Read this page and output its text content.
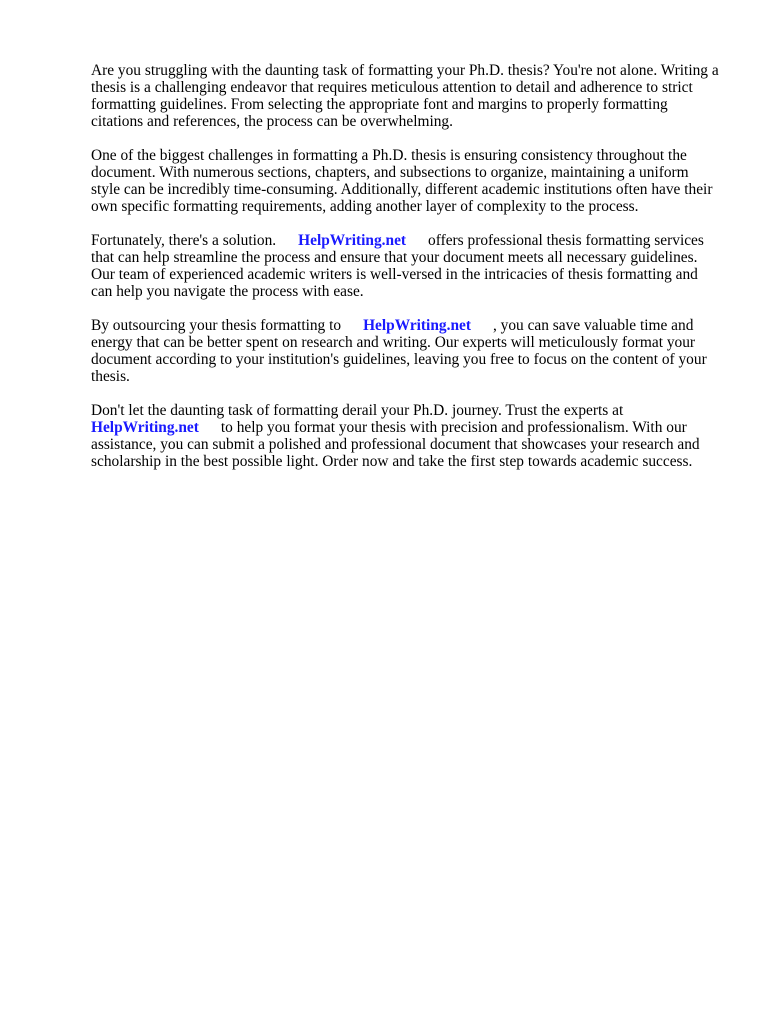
Are you struggling with the daunting task of formatting your Ph.D. thesis? You're not alone. Writing a thesis is a challenging endeavor that requires meticulous attention to detail and adherence to strict formatting guidelines. From selecting the appropriate font and margins to properly formatting citations and references, the process can be overwhelming.

One of the biggest challenges in formatting a Ph.D. thesis is ensuring consistency throughout the document. With numerous sections, chapters, and subsections to organize, maintaining a uniform style can be incredibly time-consuming. Additionally, different academic institutions often have their own specific formatting requirements, adding another layer of complexity to the process.

Fortunately, there's a solution. HelpWriting.net offers professional thesis formatting services that can help streamline the process and ensure that your document meets all necessary guidelines. Our team of experienced academic writers is well-versed in the intricacies of thesis formatting and can help you navigate the process with ease.

By outsourcing your thesis formatting to HelpWriting.net , you can save valuable time and energy that can be better spent on research and writing. Our experts will meticulously format your document according to your institution's guidelines, leaving you free to focus on the content of your thesis.

Don't let the daunting task of formatting derail your Ph.D. journey. Trust the experts at
HelpWriting.net to help you format your thesis with precision and professionalism. With our assistance, you can submit a polished and professional document that showcases your research and scholarship in the best possible light. Order now and take the first step towards academic success.
